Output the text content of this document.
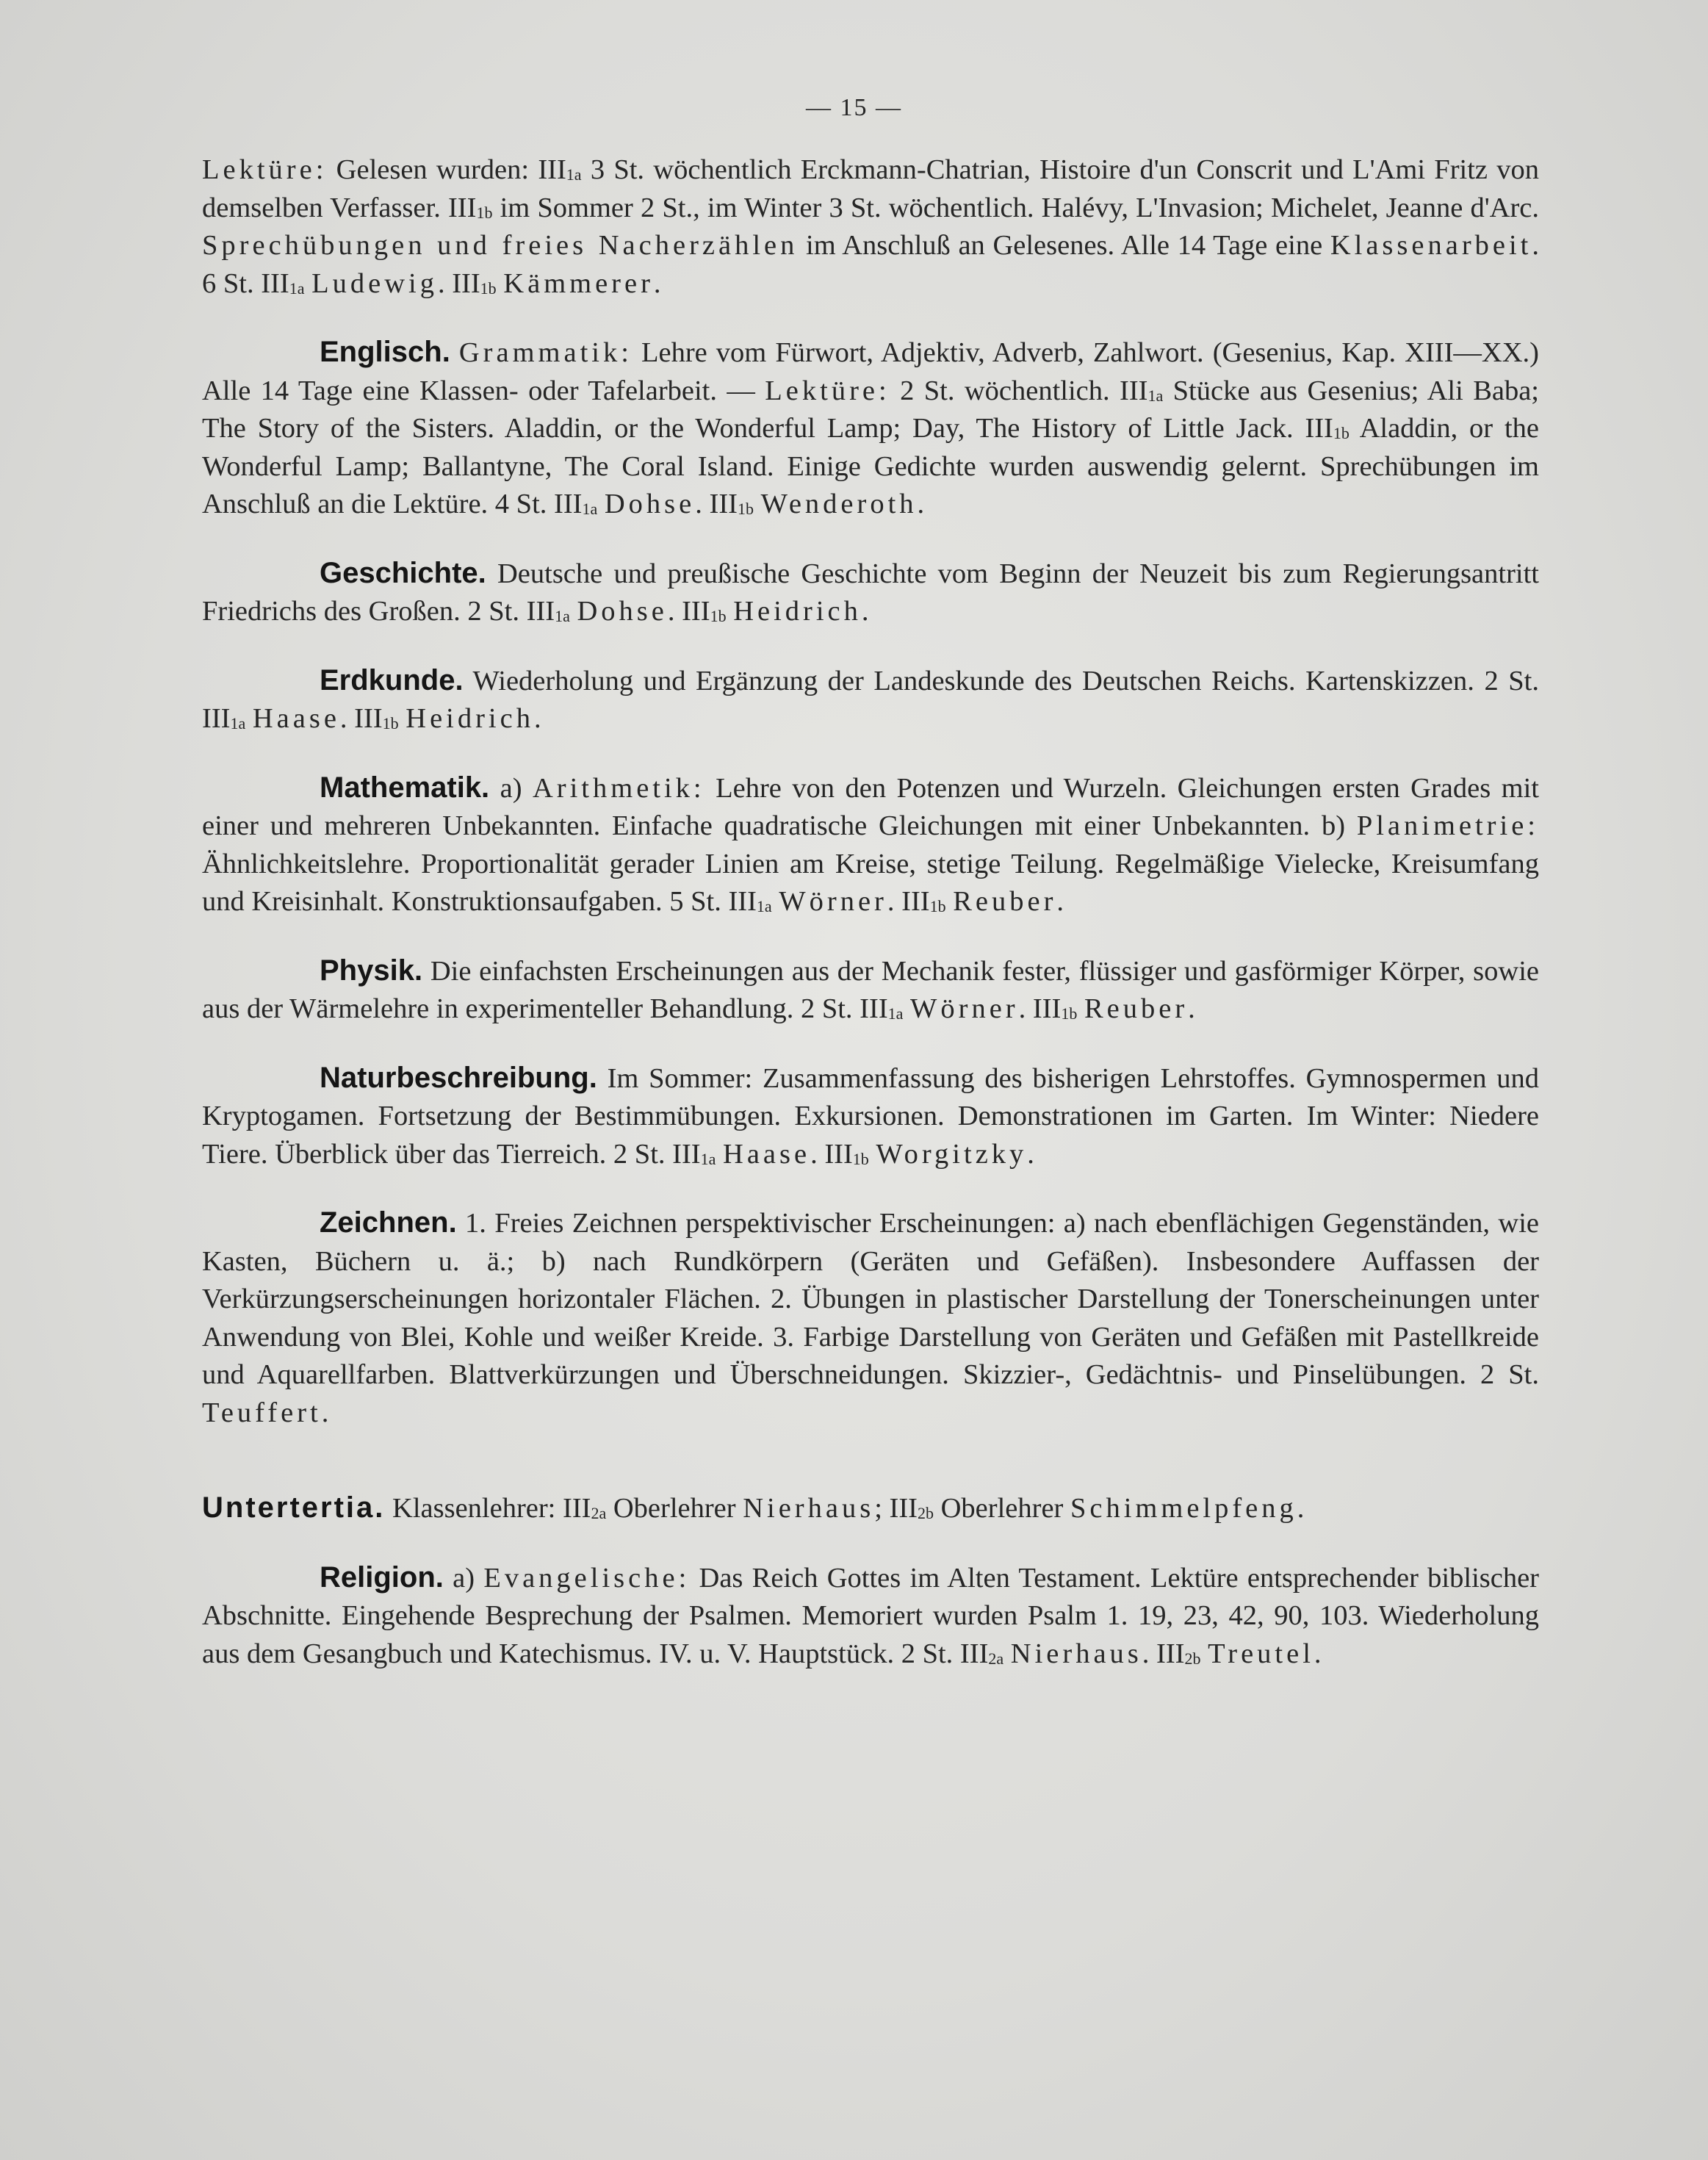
— 15 —

Lektüre: Gelesen wurden: $III_{1a}$ 3 St. wöchentlich Erckmann-Chatrian, Histoire d'un Conscrit und L'Ami Fritz von demselben Verfasser. $III_{1b}$ im Sommer 2 St., im Winter 3 St. wöchentlich. Halévy, L'Invasion; Michelet, Jeanne d'Arc. Sprechübungen und freies Nacherzählen im Anschluß an Gelesenes. Alle 14 Tage eine Klassenarbeit. 6 St. $III_{1a}$ Ludewig. $III_{1b}$ Kämmerer.

Englisch. Grammatik: Lehre vom Fürwort, Adjektiv, Adverb, Zahlwort. (Gesenius, Kap. XIII—XX.) Alle 14 Tage eine Klassen- oder Tafelarbeit. — Lektüre: 2 St. wöchentlich. $III_{1a}$ Stücke aus Gesenius; Ali Baba; The Story of the Sisters. Aladdin, or the Wonderful Lamp; Day, The History of Little Jack. $III_{1b}$ Aladdin, or the Wonderful Lamp; Ballantyne, The Coral Island. Einige Gedichte wurden auswendig gelernt. Sprechübungen im Anschluß an die Lektüre. 4 St. $III_{1a}$ Dohse. $III_{1b}$ Wenderoth.

Geschichte. Deutsche und preußische Geschichte vom Beginn der Neuzeit bis zum Regierungsantritt Friedrichs des Großen. 2 St. $III_{1a}$ Dohse. $III_{1b}$ Heidrich.

Erdkunde. Wiederholung und Ergänzung der Landeskunde des Deutschen Reichs. Kartenskizzen. 2 St. $III_{1a}$ Haase. $III_{1b}$ Heidrich.

Mathematik. a) Arithmetik: Lehre von den Potenzen und Wurzeln. Gleichungen ersten Grades mit einer und mehreren Unbekannten. Einfache quadratische Gleichungen mit einer Unbekannten. b) Planimetrie: Ähnlichkeitslehre. Proportionalität gerader Linien am Kreise, stetige Teilung. Regelmäßige Vielecke, Kreisumfang und Kreisinhalt. Konstruktionsaufgaben. 5 St. $III_{1a}$ Wörner. $III_{1b}$ Reuber.

Physik. Die einfachsten Erscheinungen aus der Mechanik fester, flüssiger und gasförmiger Körper, sowie aus der Wärmelehre in experimenteller Behandlung. 2 St. $III_{1a}$ Wörner. $III_{1b}$ Reuber.

Naturbeschreibung. Im Sommer: Zusammenfassung des bisherigen Lehrstoffes. Gymnospermen und Kryptogamen. Fortsetzung der Bestimmübungen. Exkursionen. Demonstrationen im Garten. Im Winter: Niedere Tiere. Überblick über das Tierreich. 2 St. $III_{1a}$ Haase. $III_{1b}$ Worgitzky.

Zeichnen. 1. Freies Zeichnen perspektivischer Erscheinungen: a) nach ebenflächigen Gegenständen, wie Kasten, Büchern u. ä.; b) nach Rundkörpern (Geräten und Gefäßen). Insbesondere Auffassen der Verkürzungserscheinungen horizontaler Flächen. 2. Übungen in plastischer Darstellung der Tonerscheinungen unter Anwendung von Blei, Kohle und weißer Kreide. 3. Farbige Darstellung von Geräten und Gefäßen mit Pastellkreide und Aquarellfarben. Blattverkürzungen und Überschneidungen. Skizzier-, Gedächtnis- und Pinselübungen. 2 St. Teuffert.

Untertertia. Klassenlehrer: $III_{2a}$ Oberlehrer Nierhaus; $III_{2b}$ Oberlehrer Schimmelpfeng.

Religion. a) Evangelische: Das Reich Gottes im Alten Testament. Lektüre entsprechender biblischer Abschnitte. Eingehende Besprechung der Psalmen. Memoriert wurden Psalm 1. 19, 23, 42, 90, 103. Wiederholung aus dem Gesangbuch und Katechismus. IV. u. V. Hauptstück. 2 St. $III_{2a}$ Nierhaus. $III_{2b}$ Treutel.
